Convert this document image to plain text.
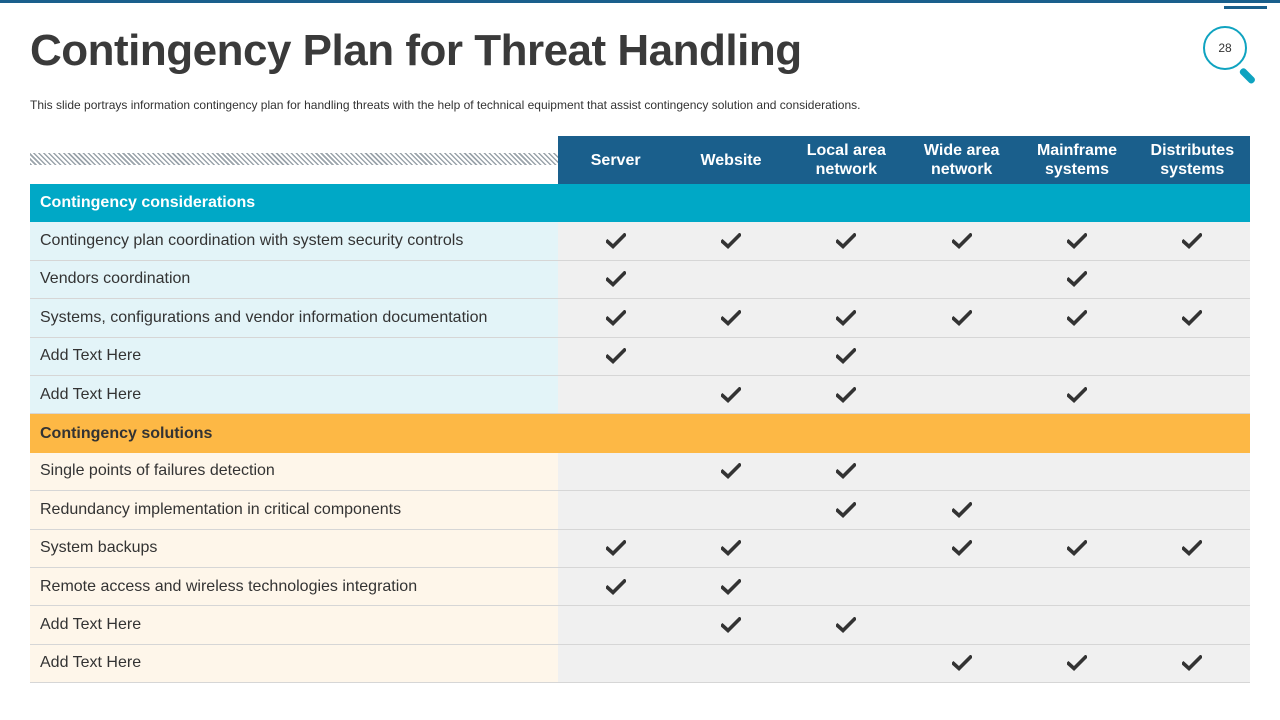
Contingency Plan for Threat Handling	28

This slide portrays information contingency plan for handling threats with the help of technical equipment that assist contingency solution and considerations.

Server	Website
Local area network
Wide area network
Mainframe systems
Distributes systems
Contingency considerations
Contingency plan coordination with system security controls
Vendors coordination
Systems, configurations and vendor information documentation
Add Text Here
Add Text Here
Contingency solutions
Single points of failures detection
Redundancy implementation in critical components
System backups
Remote access and wireless technologies integration
Add Text Here
Add Text Here
